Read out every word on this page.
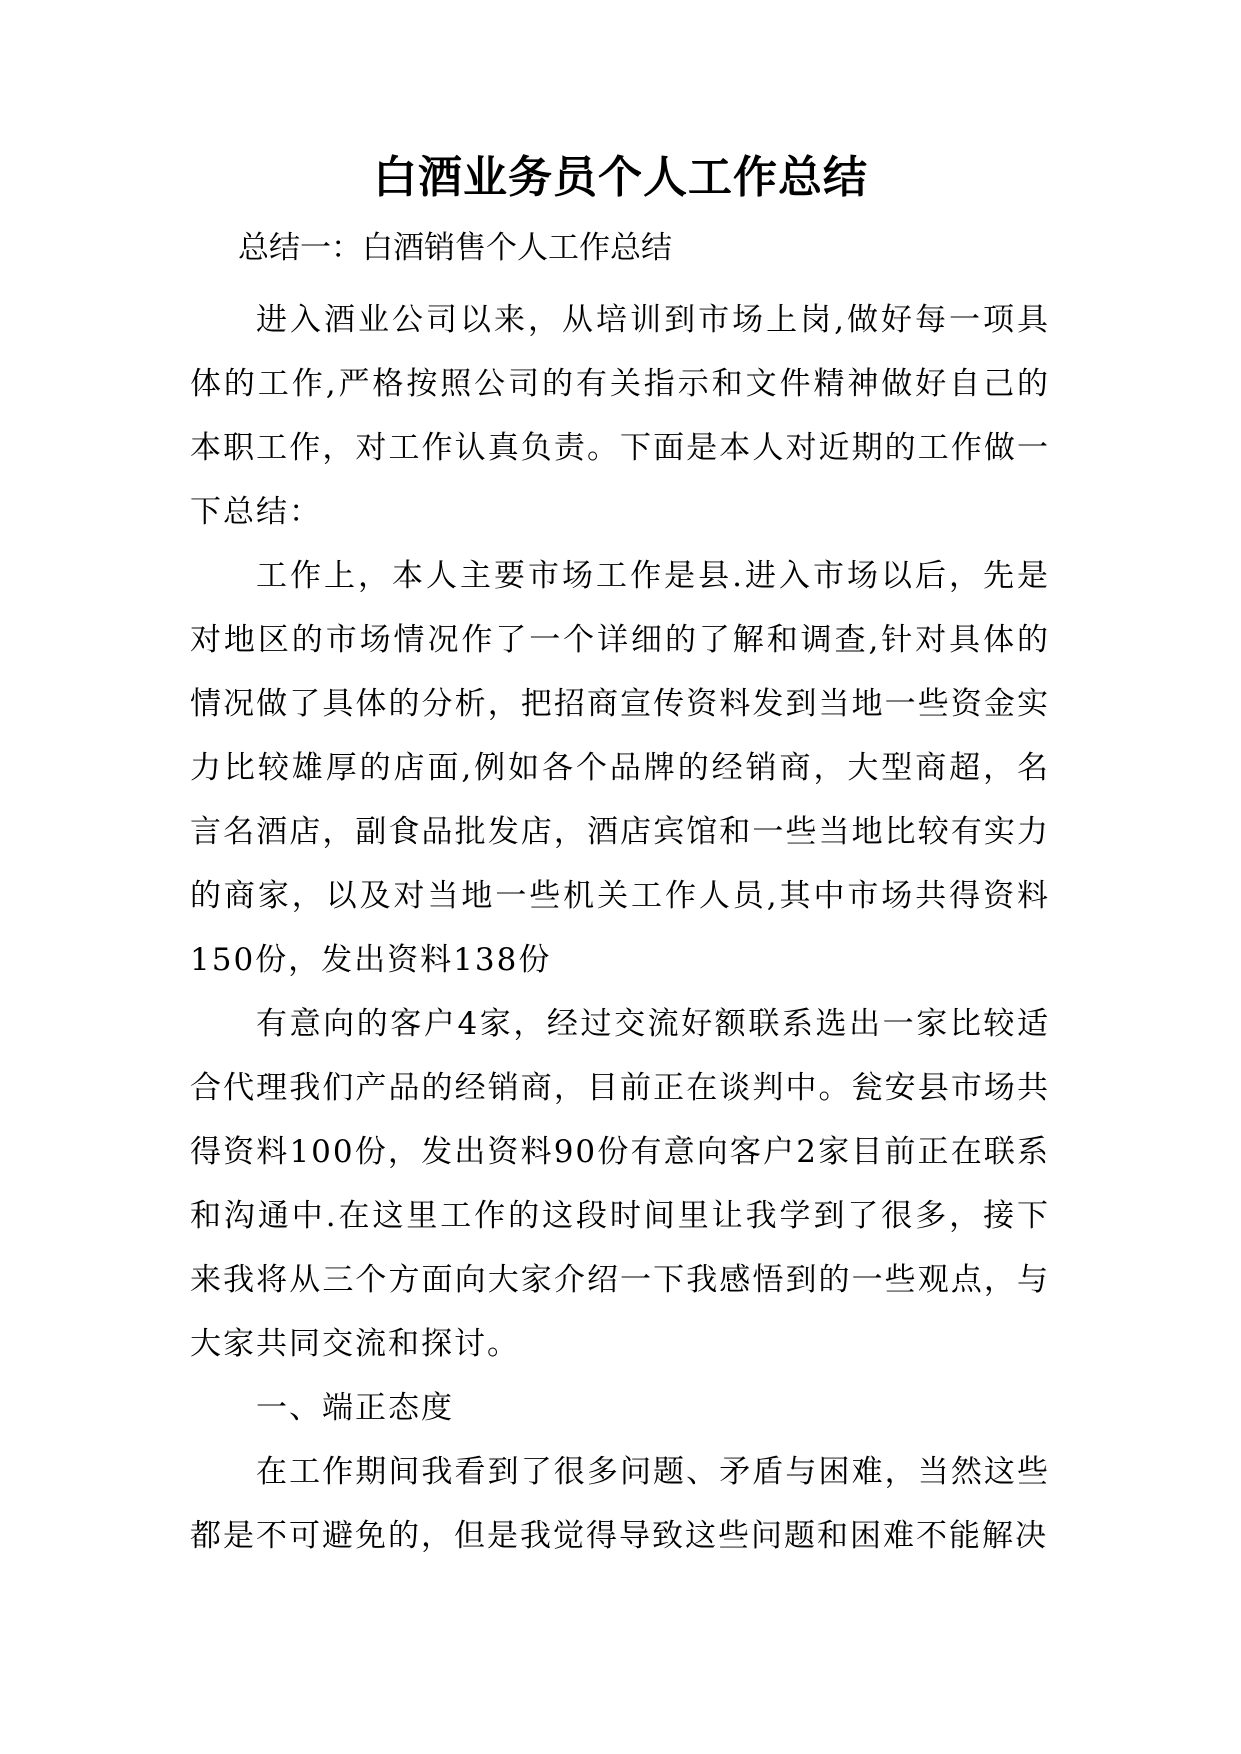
白酒业务员个人工作总结

总结一：白酒销售个人工作总结

进入酒业公司以来，从培训到市场上岗,做好每一项具体的工作,严格按照公司的有关指示和文件精神做好自己的本职工作，对工作认真负责。下面是本人对近期的工作做一下总结：

工作上，本人主要市场工作是县.进入市场以后，先是对地区的市场情况作了一个详细的了解和调查,针对具体的情况做了具体的分析，把招商宣传资料发到当地一些资金实力比较雄厚的店面,例如各个品牌的经销商，大型商超，名言名酒店，副食品批发店，酒店宾馆和一些当地比较有实力的商家，以及对当地一些机关工作人员,其中市场共得资料150份，发出资料138份

有意向的客户4家，经过交流好额联系选出一家比较适合代理我们产品的经销商，目前正在谈判中。瓮安县市场共得资料100份，发出资料90份有意向客户2家目前正在联系和沟通中.在这里工作的这段时间里让我学到了很多，接下来我将从三个方面向大家介绍一下我感悟到的一些观点，与大家共同交流和探讨。

一、端正态度

在工作期间我看到了很多问题、矛盾与困难，当然这些都是不可避免的，但是我觉得导致这些问题和困难不能解决
